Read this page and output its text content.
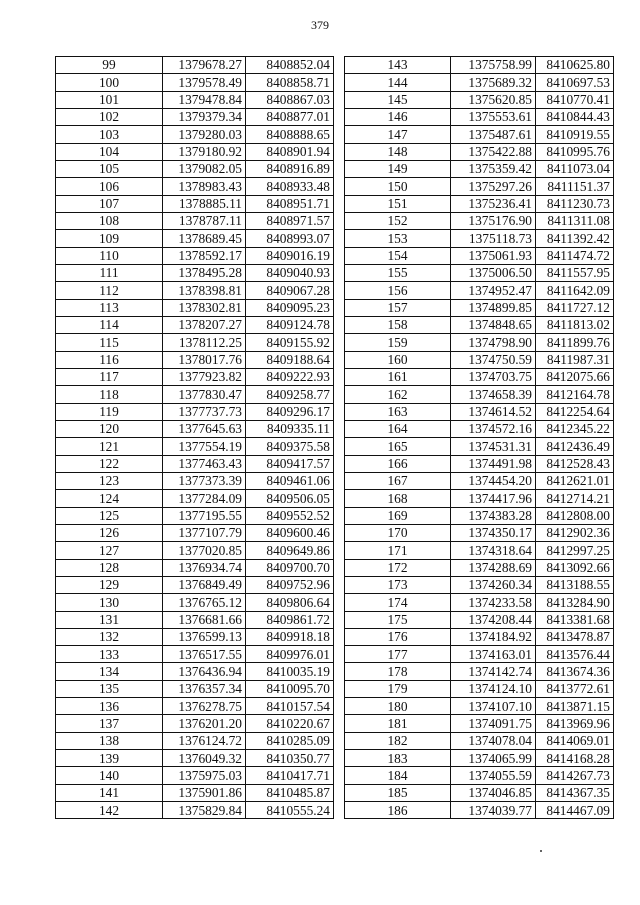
379
99	1379678.27	8408852.04
100	1379578.49	8408858.71
101	1379478.84	8408867.03
102	1379379.34	8408877.01
103	1379280.03	8408888.65
104	1379180.92	8408901.94
105	1379082.05	8408916.89
106	1378983.43	8408933.48
107	1378885.11	8408951.71
108	1378787.11	8408971.57
109	1378689.45	8408993.07
110	1378592.17	8409016.19
111	1378495.28	8409040.93
112	1378398.81	8409067.28
113	1378302.81	8409095.23
114	1378207.27	8409124.78
115	1378112.25	8409155.92
116	1378017.76	8409188.64
117	1377923.82	8409222.93
118	1377830.47	8409258.77
119	1377737.73	8409296.17
120	1377645.63	8409335.11
121	1377554.19	8409375.58
122	1377463.43	8409417.57
123	1377373.39	8409461.06
124	1377284.09	8409506.05
125	1377195.55	8409552.52
126	1377107.79	8409600.46
127	1377020.85	8409649.86
128	1376934.74	8409700.70
129	1376849.49	8409752.96
130	1376765.12	8409806.64
131	1376681.66	8409861.72
132	1376599.13	8409918.18
133	1376517.55	8409976.01
134	1376436.94	8410035.19
135	1376357.34	8410095.70
136	1376278.75	8410157.54
137	1376201.20	8410220.67
138	1376124.72	8410285.09
139	1376049.32	8410350.77
140	1375975.03	8410417.71
141	1375901.86	8410485.87
142	1375829.84	8410555.24
143	1375758.99	8410625.80
144	1375689.32	8410697.53
145	1375620.85	8410770.41
146	1375553.61	8410844.43
147	1375487.61	8410919.55
148	1375422.88	8410995.76
149	1375359.42	8411073.04
150	1375297.26	8411151.37
151	1375236.41	8411230.73
152	1375176.90	8411311.08
153	1375118.73	8411392.42
154	1375061.93	8411474.72
155	1375006.50	8411557.95
156	1374952.47	8411642.09
157	1374899.85	8411727.12
158	1374848.65	8411813.02
159	1374798.90	8411899.76
160	1374750.59	8411987.31
161	1374703.75	8412075.66
162	1374658.39	8412164.78
163	1374614.52	8412254.64
164	1374572.16	8412345.22
165	1374531.31	8412436.49
166	1374491.98	8412528.43
167	1374454.20	8412621.01
168	1374417.96	8412714.21
169	1374383.28	8412808.00
170	1374350.17	8412902.36
171	1374318.64	8412997.25
172	1374288.69	8413092.66
173	1374260.34	8413188.55
174	1374233.58	8413284.90
175	1374208.44	8413381.68
176	1374184.92	8413478.87
177	1374163.01	8413576.44
178	1374142.74	8413674.36
179	1374124.10	8413772.61
180	1374107.10	8413871.15
181	1374091.75	8413969.96
182	1374078.04	8414069.01
183	1374065.99	8414168.28
184	1374055.59	8414267.73
185	1374046.85	8414367.35
186	1374039.77	8414467.09
